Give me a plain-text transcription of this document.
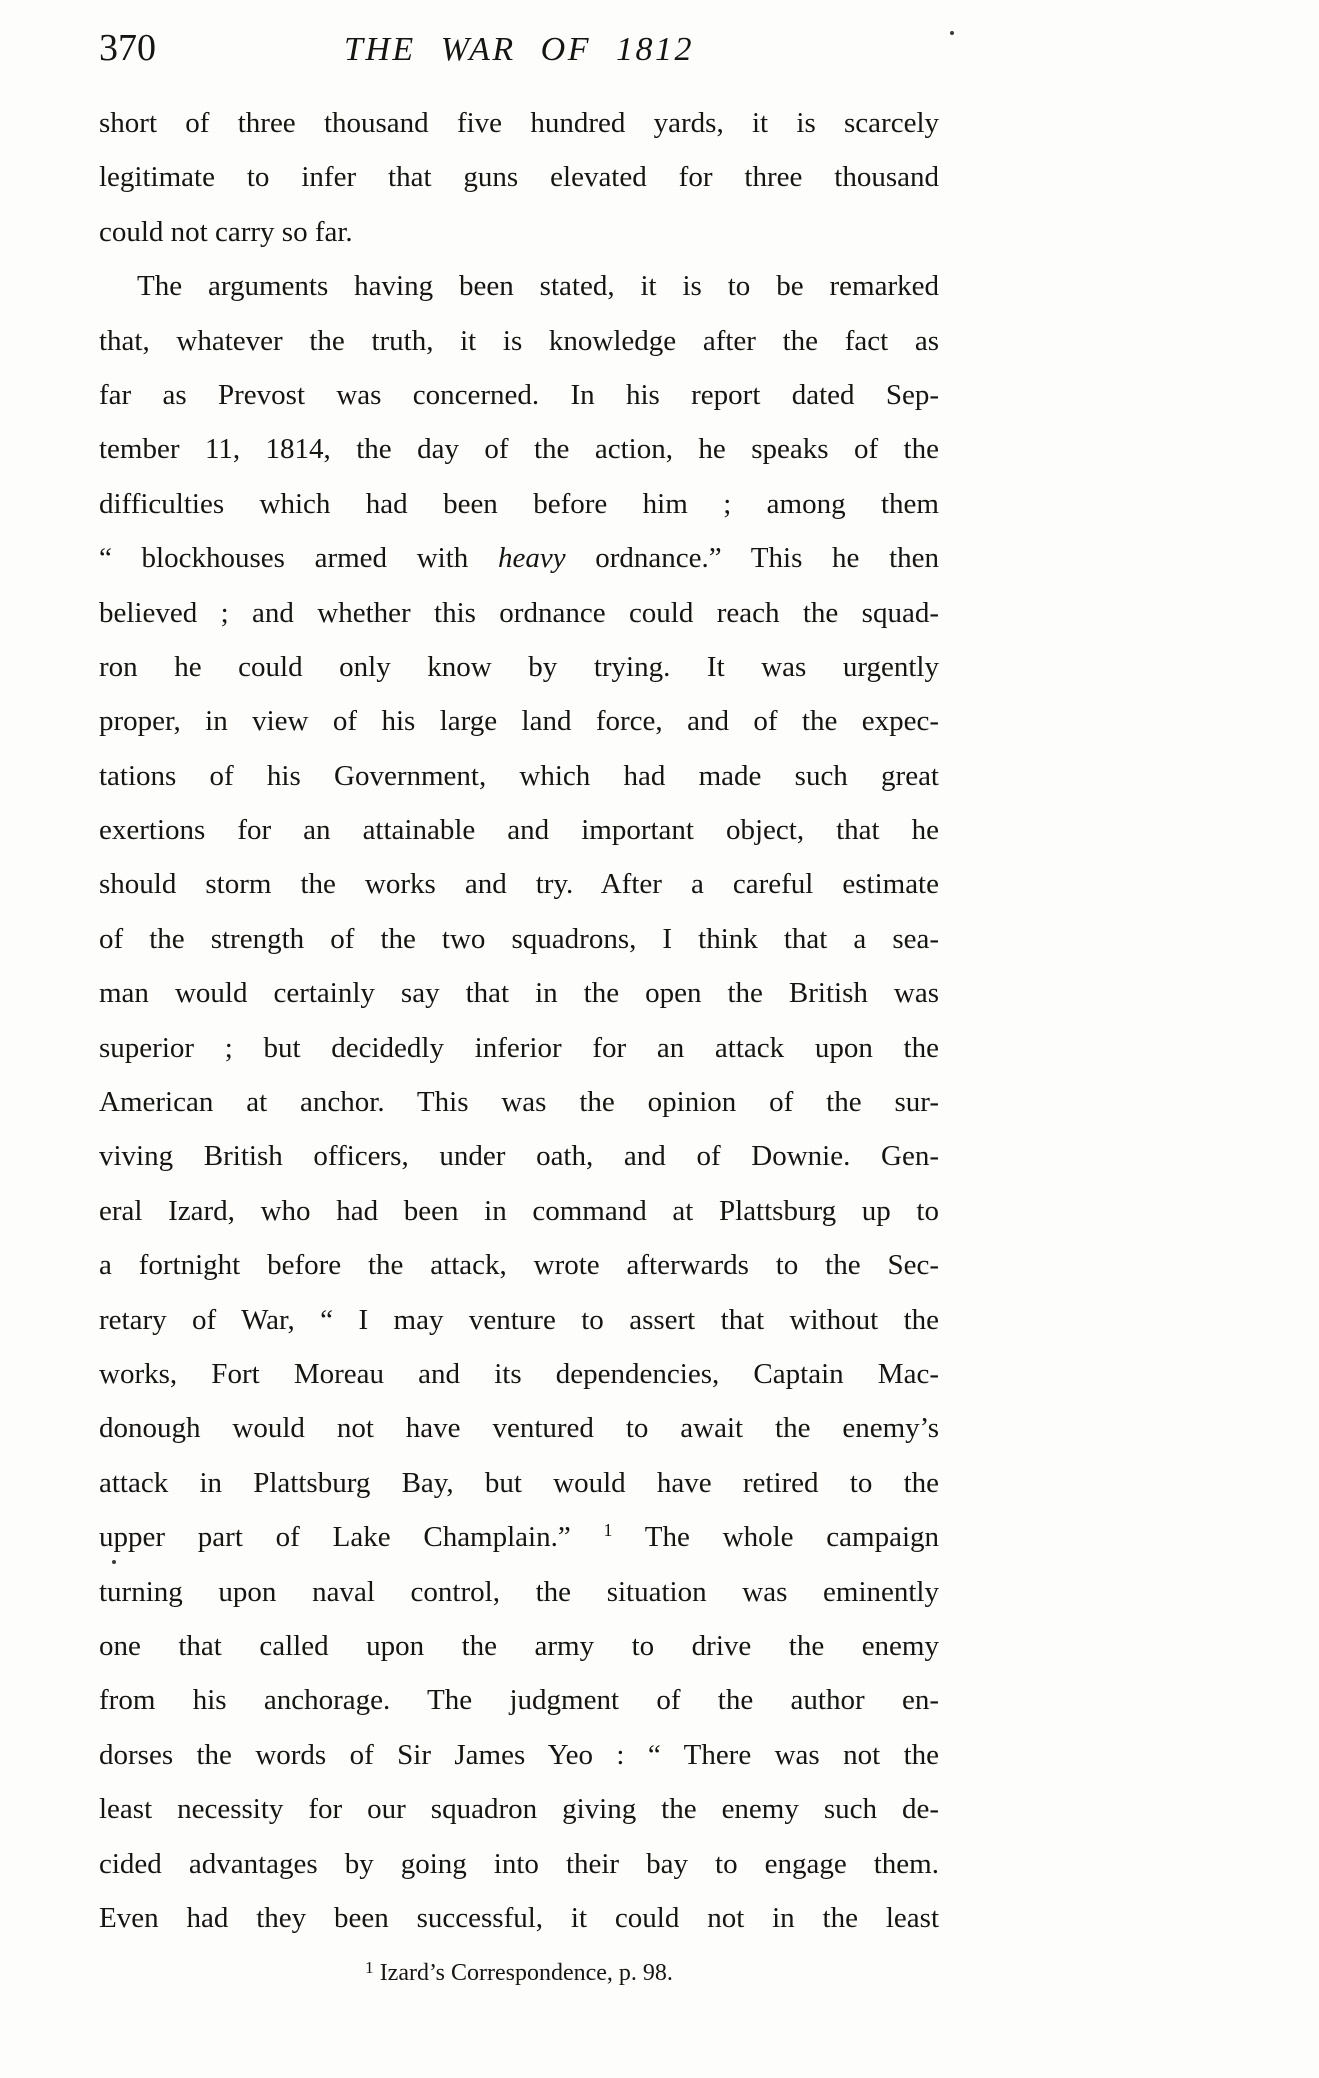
370	THE WAR OF 1812
short of three thousand five hundred yards, it is scarcely
legitimate to infer that guns elevated for three thousand
could not carry so far.
The arguments having been stated, it is to be remarked
that, whatever the truth, it is knowledge after the fact as
far as Prevost was concerned. In his report dated Sep-
tember 11, 1814, the day of the action, he speaks of the
difficulties which had been before him ; among them
“ blockhouses armed with heavy ordnance.” This he then
believed ; and whether this ordnance could reach the squad-
ron he could only know by trying. It was urgently
proper, in view of his large land force, and of the expec-
tations of his Government, which had made such great
exertions for an attainable and important object, that he
should storm the works and try. After a careful estimate
of the strength of the two squadrons, I think that a sea-
man would certainly say that in the open the British was
superior ; but decidedly inferior for an attack upon the
American at anchor. This was the opinion of the sur-
viving British officers, under oath, and of Downie. Gen-
eral Izard, who had been in command at Plattsburg up to
a fortnight before the attack, wrote afterwards to the Sec-
retary of War, “ I may venture to assert that without the
works, Fort Moreau and its dependencies, Captain Mac-
donough would not have ventured to await the enemy’s
attack in Plattsburg Bay, but would have retired to the
upper part of Lake Champlain.” $^1$ The whole campaign
turning upon naval control, the situation was eminently
one that called upon the army to drive the enemy
from his anchorage. The judgment of the author en-
dorses the words of Sir James Yeo : “ There was not the
least necessity for our squadron giving the enemy such de-
cided advantages by going into their bay to engage them.
Even had they been successful, it could not in the least
$^1$ Izard’s Correspondence, p. 98.
